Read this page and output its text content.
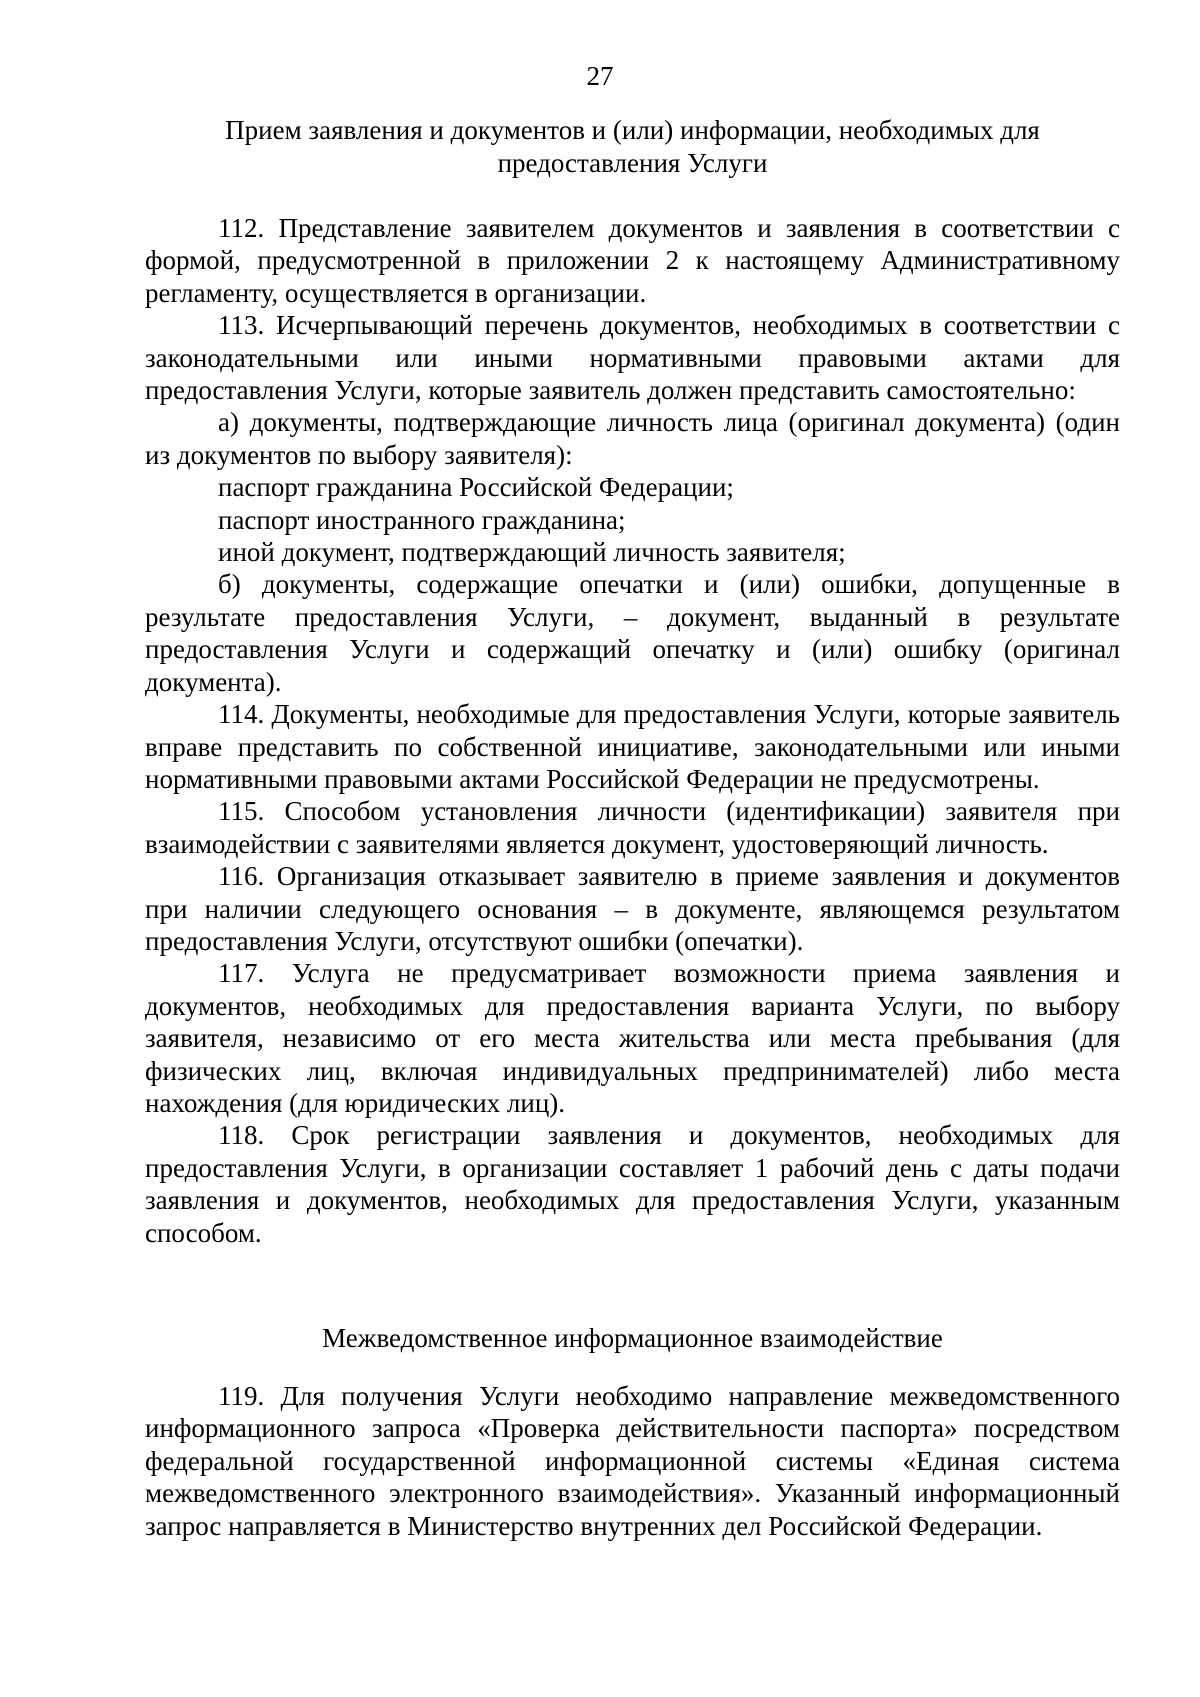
27
Прием заявления и документов и (или) информации, необходимых для предоставления Услуги

112. Представление заявителем документов и заявления в соответствии с формой, предусмотренной в приложении 2 к настоящему Административному регламенту, осуществляется в организации.

113. Исчерпывающий перечень документов, необходимых в соответствии с законодательными или иными нормативными правовыми актами для предоставления Услуги, которые заявитель должен представить самостоятельно:

а) документы, подтверждающие личность лица (оригинал документа) (один из документов по выбору заявителя):

паспорт гражданина Российской Федерации;

паспорт иностранного гражданина;

иной документ, подтверждающий личность заявителя;

б) документы, содержащие опечатки и (или) ошибки, допущенные в результате предоставления Услуги, – документ, выданный в результате предоставления Услуги и содержащий опечатку и (или) ошибку (оригинал документа).

114. Документы, необходимые для предоставления Услуги, которые заявитель вправе представить по собственной инициативе, законодательными или иными нормативными правовыми актами Российской Федерации не предусмотрены.

115. Способом установления личности (идентификации) заявителя при взаимодействии с заявителями является документ, удостоверяющий личность.

116. Организация отказывает заявителю в приеме заявления и документов при наличии следующего основания – в документе, являющемся результатом предоставления Услуги, отсутствуют ошибки (опечатки).

117. Услуга не предусматривает возможности приема заявления и документов, необходимых для предоставления варианта Услуги, по выбору заявителя, независимо от его места жительства или места пребывания (для физических лиц, включая индивидуальных предпринимателей) либо места нахождения (для юридических лиц).

118. Срок регистрации заявления и документов, необходимых для предоставления Услуги, в организации составляет 1 рабочий день с даты подачи заявления и документов, необходимых для предоставления Услуги, указанным способом.

Межведомственное информационное взаимодействие

119. Для получения Услуги необходимо направление межведомственного информационного запроса «Проверка действительности паспорта» посредством федеральной государственной информационной системы «Единая система межведомственного электронного взаимодействия». Указанный информационный запрос направляется в Министерство внутренних дел Российской Федерации.
